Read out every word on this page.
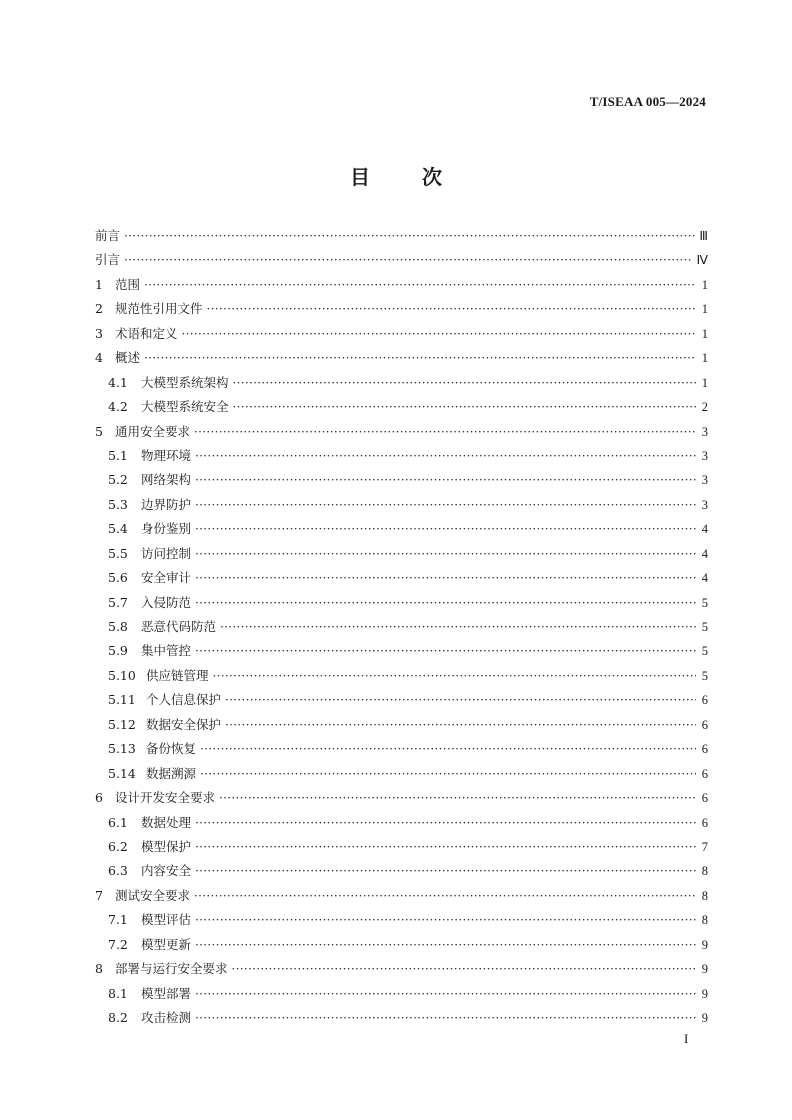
T/ISEAA 005—2024
目	次
前言 ·····	Ⅲ
引言 ·····	Ⅳ
1 范围 ·····	1
2 规范性引用文件 ·····	1
3 术语和定义 ·····	1
4 概述 ·····	1
4.1	大模型系统架构 ·····	1
4.2	大模型系统安全 ·····	2
5 通用安全要求 ·····	3
5.1	物理环境 ·····	3
5.2	网络架构 ·····	3
5.3	边界防护 ·····	3
5.4	身份鉴别 ·····	4
5.5	访问控制 ·····	4
5.6	安全审计 ·····	4
5.7	入侵防范 ·····	5
5.8	恶意代码防范 ·····	5
5.9	集中管控 ·····	5
5.10 供应链管理 ·····	5
5.11 个人信息保护 ·····	6
5.12 数据安全保护 ·····	6
5.13 备份恢复 ·····	6
5.14 数据溯源 ·····	6
6 设计开发安全要求 ·····	6
6.1	数据处理 ·····	6
6.2	模型保护 ·····	7
6.3	内容安全 ·····	8
7 测试安全要求 ·····	8
7.1	模型评估 ·····	8
7.2	模型更新 ·····	9
8 部署与运行安全要求 ·····	9
8.1	模型部署 ·····	9
8.2	攻击检测 ·····	9
I
